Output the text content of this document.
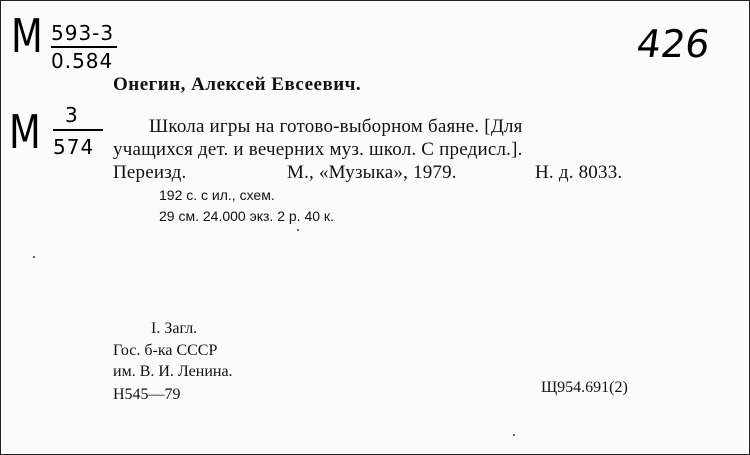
М 593-3
0.584
М 3
574
426
Онегин, Алексей Евсеевич.
Школа игры на готово-выборном баяне. [Для
учащихся дет. и вечерних муз. школ. С предисл.].
Переизд.	М., «Музыка», 1979.	Н. д. 8033.
192 с. с ил., схем.
29 см. 24.000 экз. 2 р. 40 к.
I. Загл.
Гос. б-ка СССР
им. В. И. Ленина.
Н545—79	Щ954.691(2)
